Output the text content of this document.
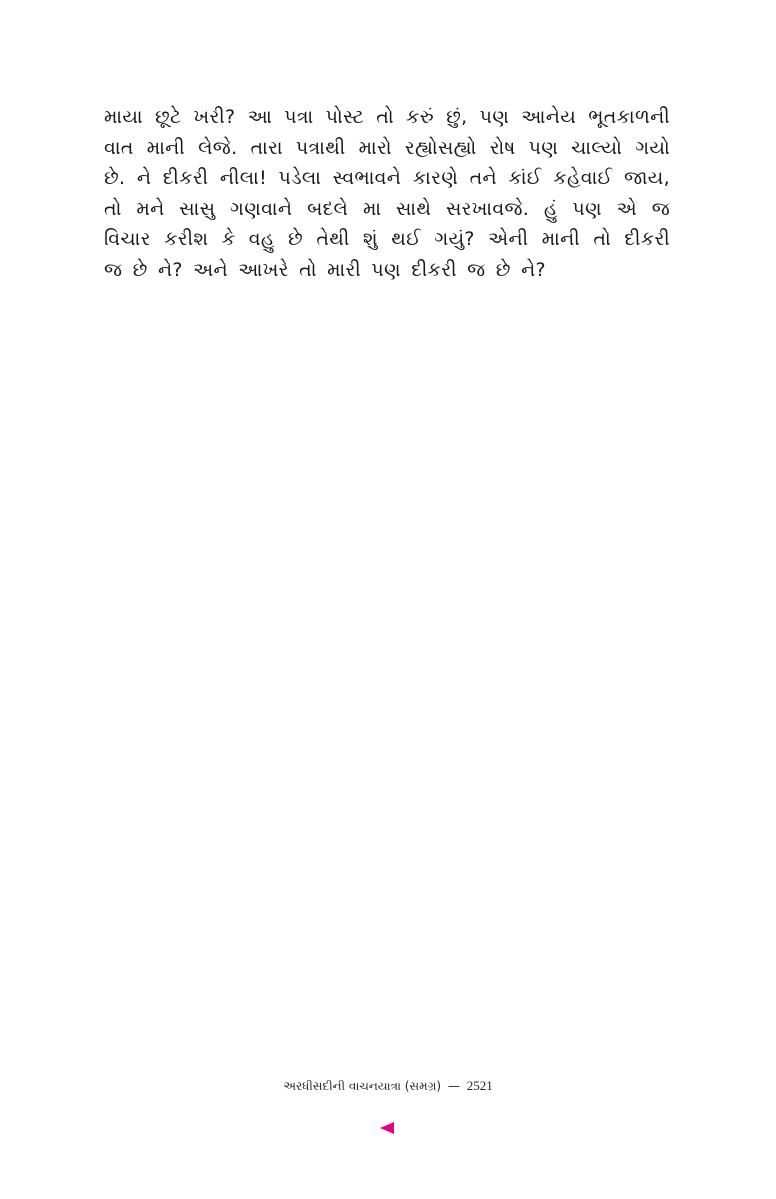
માયા છૂટે ખરી? આ પત્રા પોસ્ટ તો કરું છું, પણ આનેય ભૂતકાળની
વાત માની લેજે. તારા પત્રાથી મારો રહ્યોસહ્યો રોષ પણ ચાલ્યો ગયો
છે. ને દીકરી નીલા! પડેલા સ્વભાવને કારણે તને કાંઈ કહેવાઈ જાય,
તો મને સાસુ ગણવાને બદલે મા સાથે સરખાવજે. હું પણ એ જ
વિચાર કરીશ કે વહુ છે તેથી શું થઈ ગયું? એની માની તો દીકરી
જ છે ને? અને આખરે તો મારી પણ દીકરી જ છે ને?
અરધીસદીની વાચનયાત્રા (સમગ્ર) — 2521
